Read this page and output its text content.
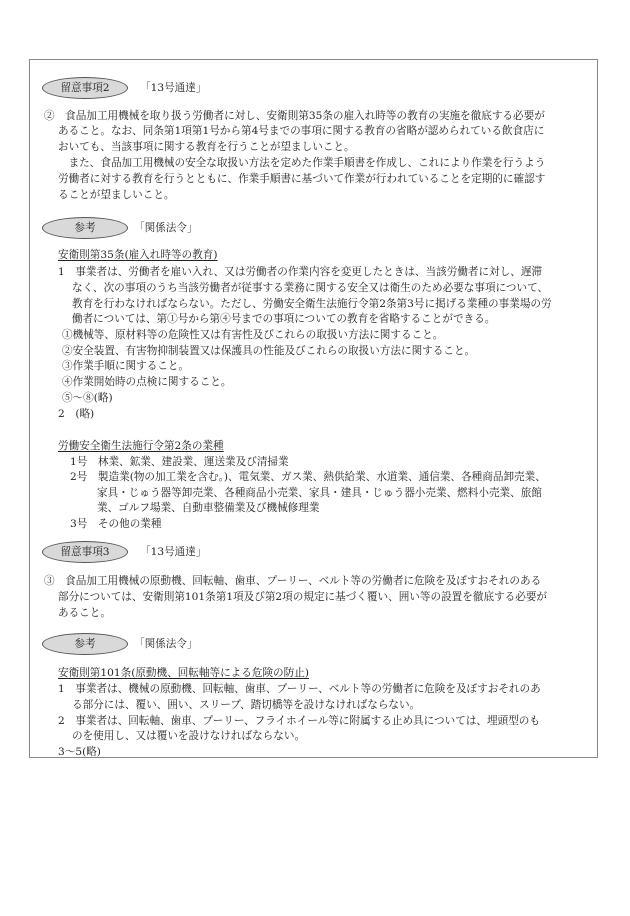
留意事項2	「13号通達」
②　食品加工用機械を取り扱う労働者に対し、安衛則第35条の雇入れ時等の教育の実施を徹底する必要が
あること。なお、同条第1項第1号から第4号までの事項に関する教育の省略が認められている飲食店に
おいても、当該事項に関する教育を行うことが望ましいこと。
　また、食品加工用機械の安全な取扱い方法を定めた作業手順書を作成し、これにより作業を行うよう
労働者に対する教育を行うとともに、作業手順書に基づいて作業が行われていることを定期的に確認す
ることが望ましいこと。
参考	「関係法令」
安衛則第35条(雇入れ時等の教育)
1　事業者は、労働者を雇い入れ、又は労働者の作業内容を変更したときは、当該労働者に対し、遅滞
なく、次の事項のうち当該労働者が従事する業務に関する安全又は衛生のため必要な事項について、
教育を行わなければならない。ただし、労働安全衛生法施行令第2条第3号に掲げる業種の事業場の労
働者については、第①号から第④号までの事項についての教育を省略することができる。
①機械等、原材料等の危険性又は有害性及びこれらの取扱い方法に関すること。
②安全装置、有害物抑制装置又は保護具の性能及びこれらの取扱い方法に関すること。
③作業手順に関すること。
④作業開始時の点検に関すること。
⑤～⑧(略)
2　(略)
労働安全衛生法施行令第2条の業種
1号　林業、鉱業、建設業、運送業及び清掃業
2号　製造業(物の加工業を含む。)、電気業、ガス業、熱供給業、水道業、通信業、各種商品卸売業、
家具・じゅう器等卸売業、各種商品小売業、家具・建具・じゅう器小売業、燃料小売業、旅館
業、ゴルフ場業、自動車整備業及び機械修理業
3号　その他の業種
留意事項3	「13号通達」
③　食品加工用機械の原動機、回転軸、歯車、プーリー、ベルト等の労働者に危険を及ぼすおそれのある
部分については、安衛則第101条第1項及び第2項の規定に基づく覆い、囲い等の設置を徹底する必要が
あること。
参考	「関係法令」
安衛則第101条(原動機、回転軸等による危険の防止)
1　事業者は、機械の原動機、回転軸、歯車、プーリー、ベルト等の労働者に危険を及ぼすおそれのあ
る部分には、覆い、囲い、スリーブ、踏切橋等を設けなければならない。
2　事業者は、回転軸、歯車、プーリー、フライホイール等に附属する止め具については、埋頭型のも
のを使用し、又は覆いを設けなければならない。
3～5(略)
